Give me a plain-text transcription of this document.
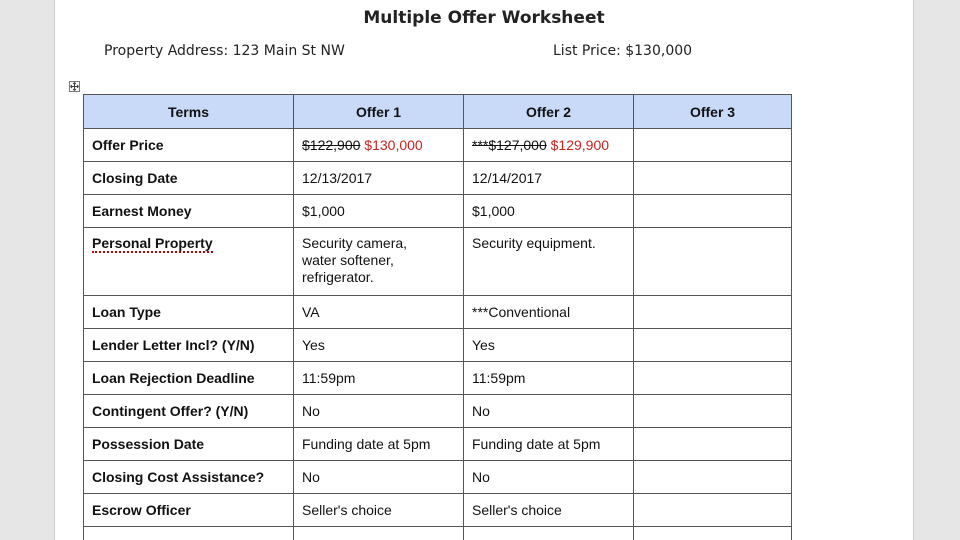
Multiple Offer Worksheet
Property Address: 123 Main St NW	List Price: $130,000
Terms	Offer 1	Offer 2	Offer 3
Offer Price	$122,900 $130,000	***$127,000 $129,900	
Closing Date	12/13/2017	12/14/2017	
Earnest Money	$1,000	$1,000	
Personal Property	Security camera,
water softener,
refrigerator.	Security equipment.	
Loan Type	VA	***Conventional	
Lender Letter Incl? (Y/N)	Yes	Yes	
Loan Rejection Deadline	11:59pm	11:59pm	
Contingent Offer? (Y/N)	No	No	
Possession Date	Funding date at 5pm	Funding date at 5pm	
Closing Cost Assistance?	No	No	
Escrow Officer	Seller's choice	Seller's choice	
